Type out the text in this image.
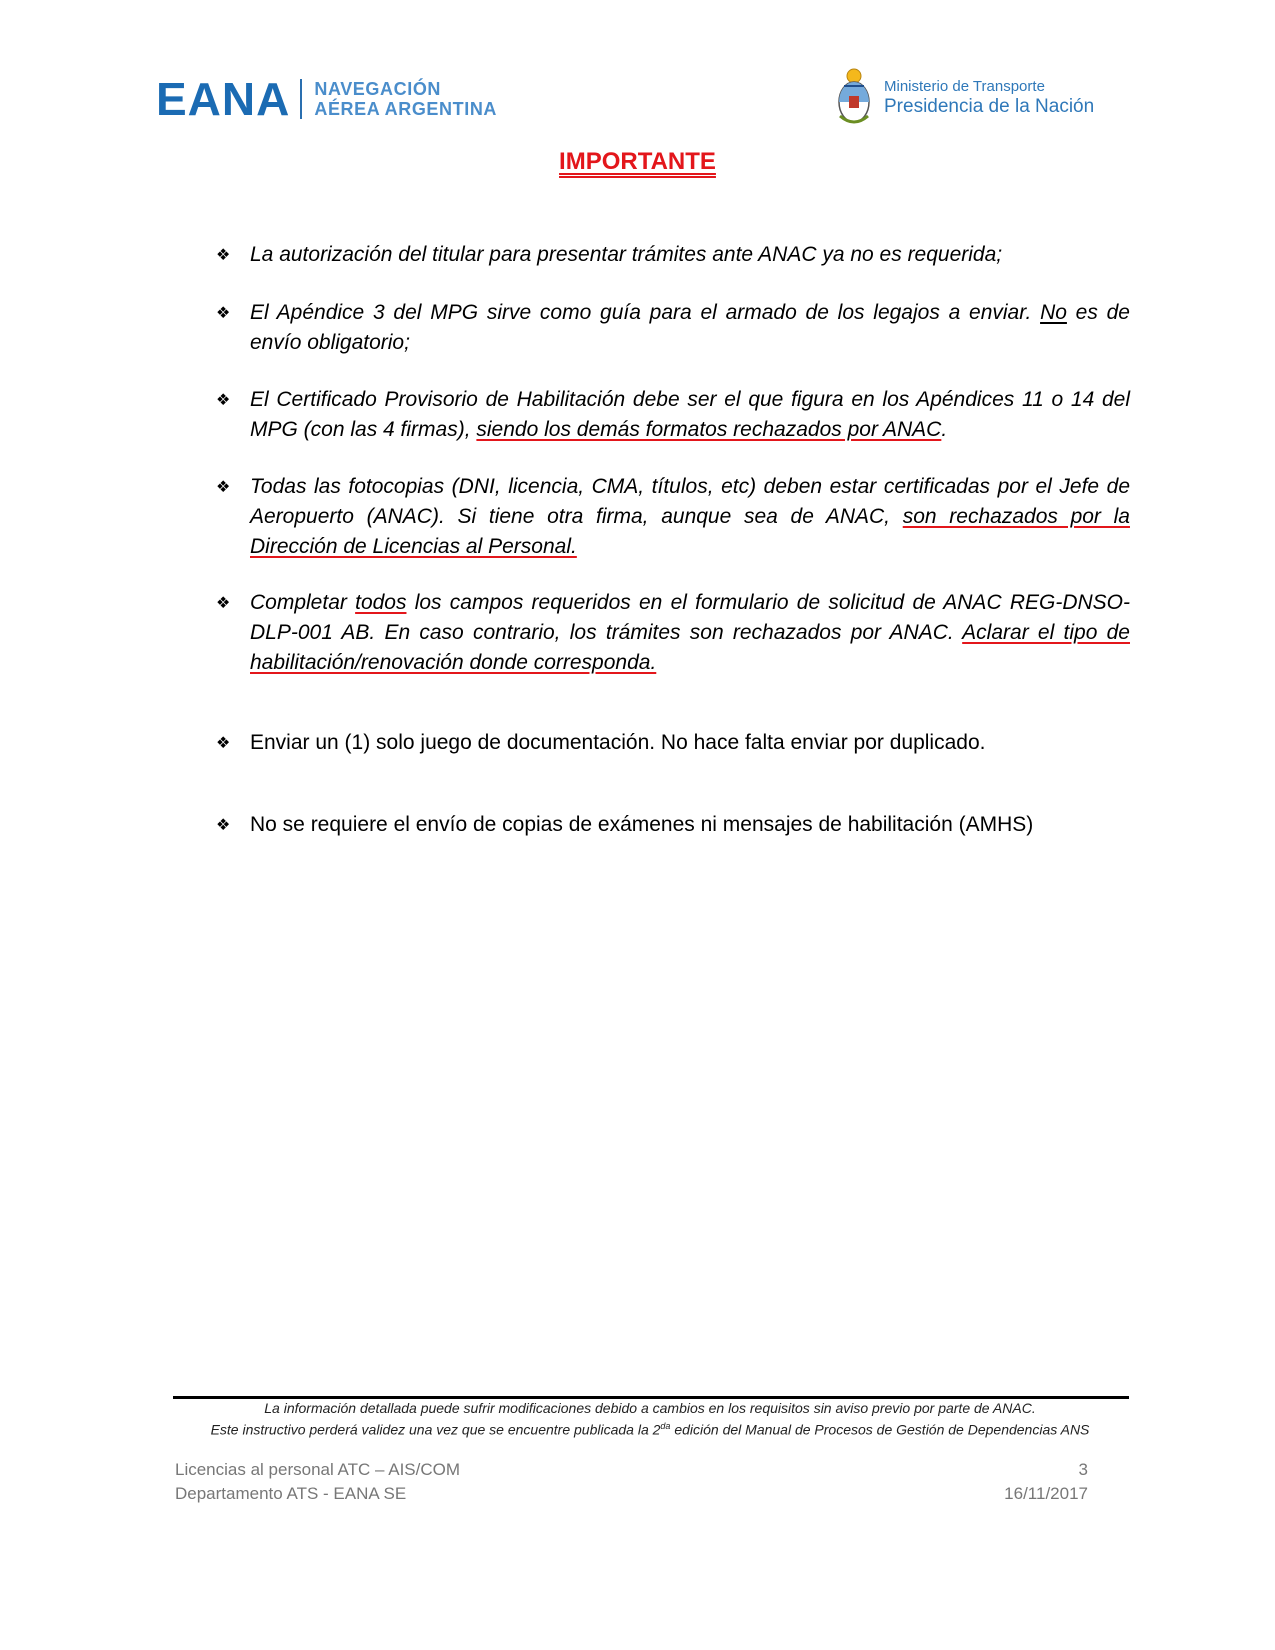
EANA NAVEGACIÓN
AÉREA ARGENTINA
Ministerio de Transporte
Presidencia de la Nación
IMPORTANTE
❖ La autorización del titular para presentar trámites ante ANAC ya no es requerida;
❖ El Apéndice 3 del MPG sirve como guía para el armado de los legajos a enviar. No es de envío obligatorio;
❖ El Certificado Provisorio de Habilitación debe ser el que figura en los Apéndices 11 o 14 del MPG (con las 4 firmas), siendo los demás formatos rechazados por ANAC.
❖ Todas las fotocopias (DNI, licencia, CMA, títulos, etc) deben estar certificadas por el Jefe de Aeropuerto (ANAC). Si tiene otra firma, aunque sea de ANAC, son rechazados por la Dirección de Licencias al Personal.
❖ Completar todos los campos requeridos en el formulario de solicitud de ANAC REG-DNSO-DLP-001 AB. En caso contrario, los trámites son rechazados por ANAC. Aclarar el tipo de habilitación/renovación donde corresponda.
❖ Enviar un (1) solo juego de documentación. No hace falta enviar por duplicado.
❖ No se requiere el envío de copias de exámenes ni mensajes de habilitación (AMHS)
La información detallada puede sufrir modificaciones debido a cambios en los requisitos sin aviso previo por parte de ANAC.
Este instructivo perderá validez una vez que se encuentre publicada la $2^{da}$ edición del Manual de Procesos de Gestión de Dependencias ANS
Licencias al personal ATC – AIS/COM
Departamento ATS - EANA SE
3
16/11/2017
